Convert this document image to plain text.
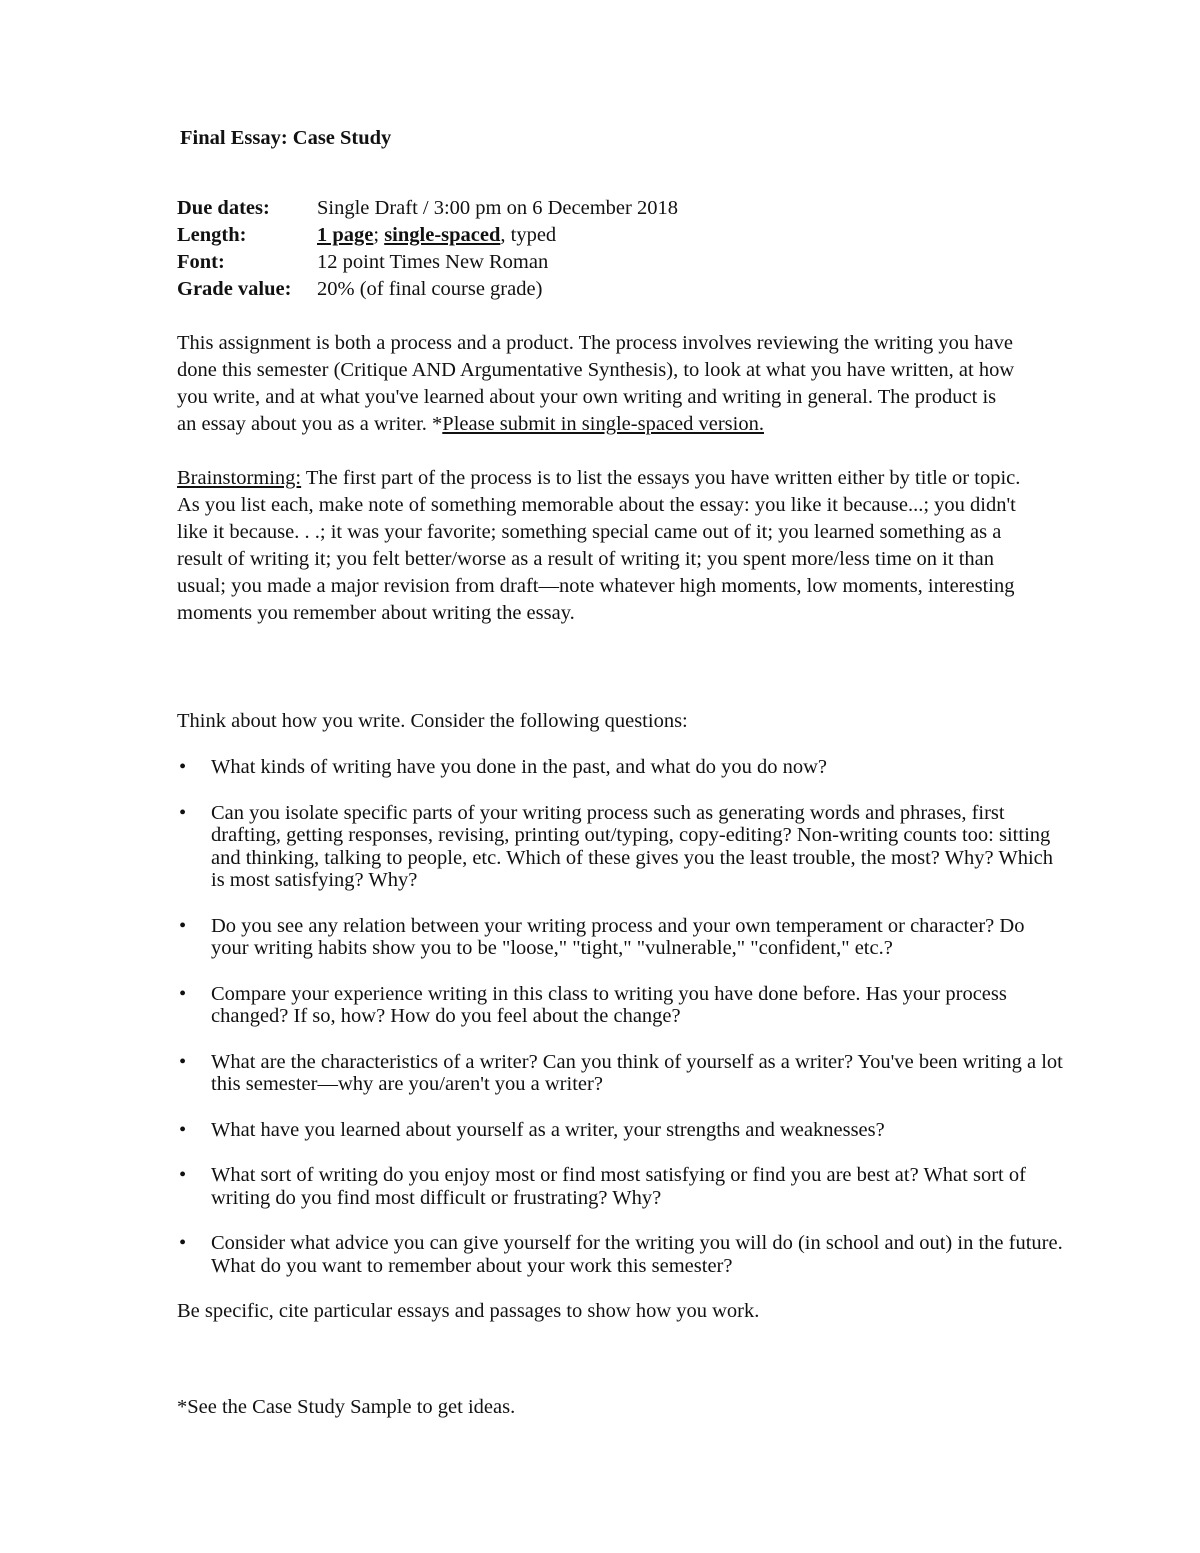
Final Essay: Case Study
Due dates:	Single Draft / 3:00 pm on 6 December 2018
Length:	1 page; single-spaced, typed
Font:	12 point Times New Roman
Grade value:	20% (of final course grade)

This assignment is both a process and a product. The process involves reviewing the writing you have done this semester (Critique AND Argumentative Synthesis), to look at what you have written, at how you write, and at what you've learned about your own writing and writing in general. The product is an essay about you as a writer. *Please submit in single-spaced version.

Brainstorming: The first part of the process is to list the essays you have written either by title or topic. As you list each, make note of something memorable about the essay: you like it because...; you didn't like it because. . .; it was your favorite; something special came out of it; you learned something as a result of writing it; you felt better/worse as a result of writing it; you spent more/less time on it than usual; you made a major revision from draft—note whatever high moments, low moments, interesting moments you remember about writing the essay.

Think about how you write. Consider the following questions:

• What kinds of writing have you done in the past, and what do you do now?
• Can you isolate specific parts of your writing process such as generating words and phrases, first drafting, getting responses, revising, printing out/typing, copy-editing? Non-writing counts too: sitting and thinking, talking to people, etc. Which of these gives you the least trouble, the most? Why? Which is most satisfying? Why?
• Do you see any relation between your writing process and your own temperament or character? Do your writing habits show you to be "loose," "tight," "vulnerable," "confident," etc.?
• Compare your experience writing in this class to writing you have done before. Has your process changed? If so, how? How do you feel about the change?
• What are the characteristics of a writer? Can you think of yourself as a writer? You've been writing a lot this semester—why are you/aren't you a writer?
• What have you learned about yourself as a writer, your strengths and weaknesses?
• What sort of writing do you enjoy most or find most satisfying or find you are best at? What sort of writing do you find most difficult or frustrating? Why?
• Consider what advice you can give yourself for the writing you will do (in school and out) in the future. What do you want to remember about your work this semester?

Be specific, cite particular essays and passages to show how you work.

*See the Case Study Sample to get ideas.
